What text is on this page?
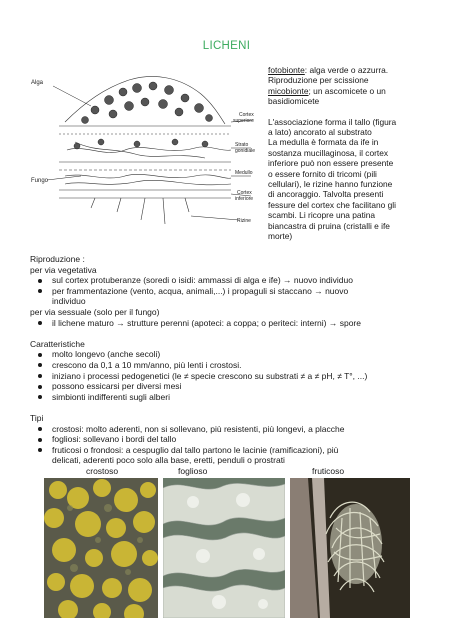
LICHENI
Alga
Fungo
Cortex
superiore
Strato
gonidiale
Medullo
Cortex
inferiore
Rizine

fotobionte: alga verde o azzurra.

Riproduzione per scissione

micobionte; un ascomicete o un

basidiomicete

L'associazione forma il tallo (figura

a lato) ancorato al substrato

La medulla è formata da ife in

sostanza mucillaginosa, il cortex

inferiore può non essere presente

o essere fornito di tricomi (pili

cellulari), le rizine hanno funzione

di ancoraggio. Talvolta presenti

fessure del cortex che facilitano gli

scambi. Li ricopre una patina

biancastra di pruina (cristalli e ife

morte)

Riproduzione :
per via vegetativa
sul cortex protuberanze (soredi o isidi: ammassi di alga e ife) → nuovo individuo
per frammentazione (vento, acqua, animali,...) i propaguli si staccano → nuovo
individuo
per via sessuale (solo per il fungo)
il lichene maturo → strutture perenni (apoteci: a coppa; o periteci: interni) → spore
Caratteristiche
molto longevo (anche secoli)
crescono da 0,1 a 10 mm/anno, più lenti i crostosi.
iniziano i processi pedogenetici (le ≠ specie crescono su substrati ≠ a ≠ pH, ≠ T°, ...)
possono essicarsi per diversi mesi
simbionti indifferenti sugli alberi
Tipi
crostosi: molto aderenti, non si sollevano, più resistenti, più longevi, a placche
fogliosi: sollevano i bordi del tallo
fruticosi o frondosi: a cespuglio dal tallo partono le lacinie (ramificazioni), più
delicati, aderenti poco solo alla base, eretti, penduli o prostrati
crostoso	foglioso	fruticoso
